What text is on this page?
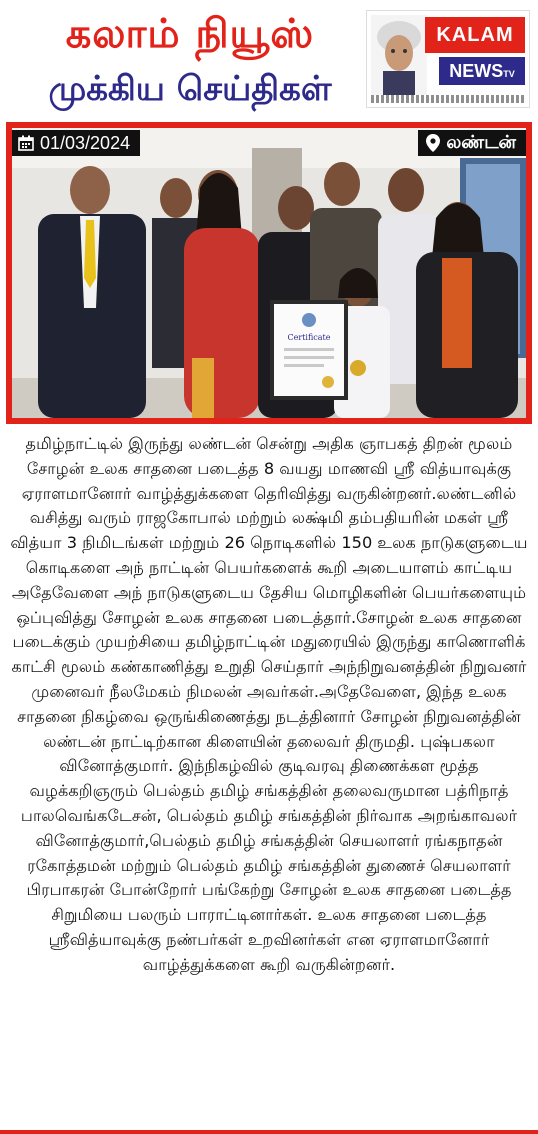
கலாம் நியூஸ்
முக்கிய செய்திகள்
KALAM
NEWSTV
Certificate
01/03/2024	லண்டன்

தமிழ்நாட்டில் இருந்து லண்டன் சென்று அதிக ஞாபகத் திறன் மூலம் சோழன் உலக சாதனை படைத்த 8 வயது மாணவி ஸ்ரீ வித்யாவுக்கு ஏராளமானோர் வாழ்த்துக்களை தெரிவித்து வருகின்றனர்.லண்டனில் வசித்து வரும் ராஜகோபால் மற்றும் லக்ஷ்மி தம்பதியரின் மகள் ஸ்ரீ வித்யா 3 நிமிடங்கள் மற்றும் 26 நொடிகளில் 150 உலக நாடுகளுடைய கொடிகளை அந் நாட்டின் பெயர்களைக் கூறி அடையாளம் காட்டிய அதேவேளை அந் நாடுகளுடைய தேசிய மொழிகளின் பெயர்களையும் ஒப்புவித்து சோழன் உலக சாதனை படைத்தார்.சோழன் உலக சாதனை படைக்கும் முயற்சியை தமிழ்நாட்டின் மதுரையில் இருந்து காணொளிக் காட்சி மூலம் கண்காணித்து உறுதி செய்தார் அந்நிறுவனத்தின் நிறுவனர் முனைவர் நீலமேகம் நிமலன் அவர்கள்.அதேவேளை, இந்த உலக சாதனை நிகழ்வை ஒருங்கிணைத்து நடத்தினார் சோழன் நிறுவனத்தின் லண்டன் நாட்டிற்கான கிளையின் தலைவர் திருமதி. புஷ்பகலா வினோத்குமார். இந்நிகழ்வில் குடிவரவு திணைக்கள மூத்த வழக்கறிஞரும் பெல்தம் தமிழ் சங்கத்தின் தலைவருமான பத்ரிநாத் பாலவெங்கடேசன், பெல்தம் தமிழ் சங்கத்தின் நிர்வாக அறங்காவலர் வினோத்குமார்,பெல்தம் தமிழ் சங்கத்தின் செயலாளர் ரங்கநாதன் ரகோத்தமன் மற்றும் பெல்தம் தமிழ் சங்கத்தின் துணைச் செயலாளர் பிரபாகரன் போன்றோர் பங்கேற்று சோழன் உலக சாதனை படைத்த சிறுமியை பலரும் பாராட்டினார்கள். உலக சாதனை படைத்த ஸ்ரீவித்யாவுக்கு நண்பர்கள் உறவினர்கள் என ஏராளமானோர் வாழ்த்துக்களை கூறி வருகின்றனர்.
